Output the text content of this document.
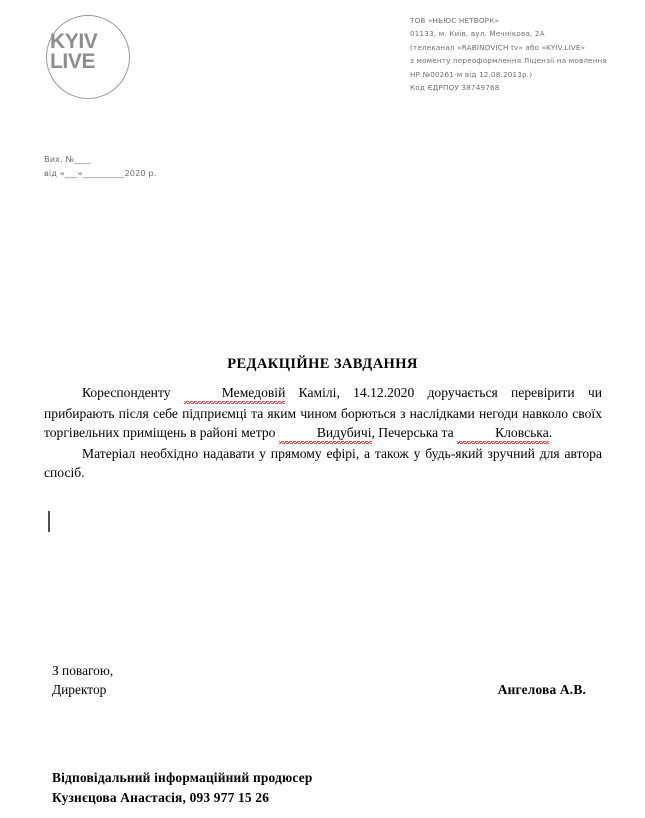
KYIV
LIVE
ТОВ «НЬЮС НЕТВОРК»
01133, м. Київ, вул. Мечнікова, 2А
(телеканал «RABINOVICH tv» або «KYIV.LIVE»
з моменту переоформлення Ліцензії на мовлення
НР №00261-м від 12.08.2013р.)
Код ЄДРПОУ 38749768
Вих. №____
від «___»__________2020 р.
РЕДАКЦІЙНЕ ЗАВДАННЯ

Кореспонденту	Мемедовій Камілі, 14.12.2020 доручається перевірити чи прибирають після себе підприємці та яким чином борються з наслідками негоди навколо своїх торгівельних приміщень в районі метро	Видубичі, Печерська та	Кловська.

Матеріал необхідно надавати у прямому ефірі, а також у будь-який зручний для автора спосіб.

З повагою,
Директор	Ангелова А.В.
Відповідальний інформаційний продюсер
Кузнєцова Анастасія, 093 977 15 26
